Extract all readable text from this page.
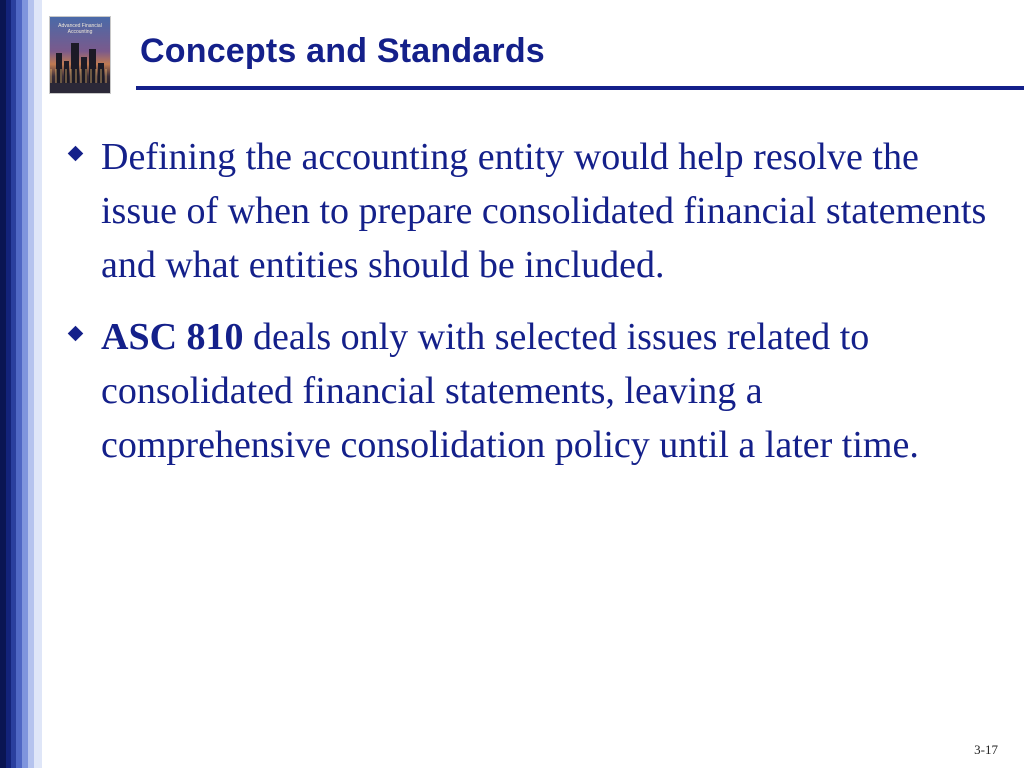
Advanced Financial Accounting	Concepts and Standards
Defining the accounting entity would help resolve the issue of when to prepare consolidated financial statements and what entities should be included.
ASC 810 deals only with selected issues related to consolidated financial statements, leaving a comprehensive consolidation policy until a later time.
3-17
